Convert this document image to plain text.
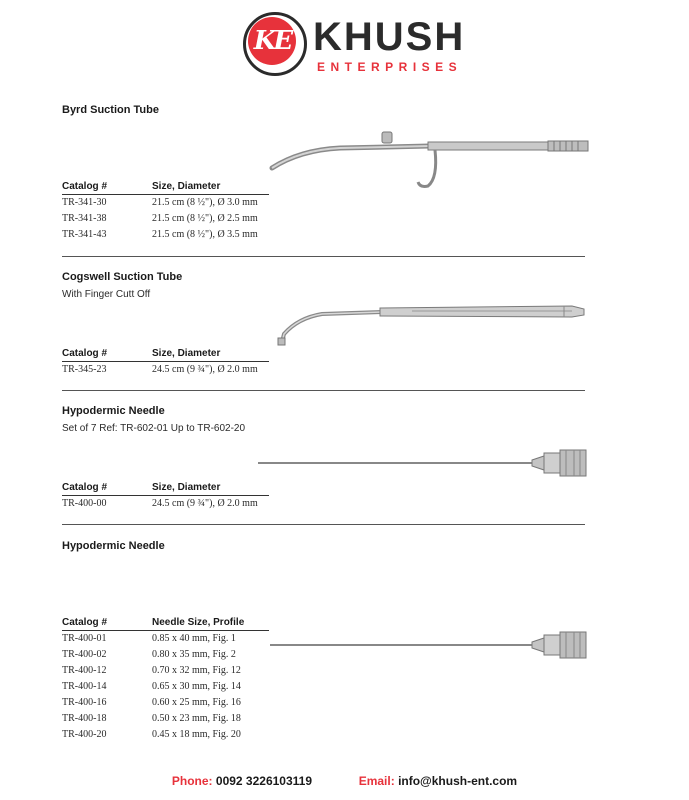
KE KHUSH
ENTERPRISES
Byrd Suction Tube
Catalog #	Size, Diameter
TR-341-30	21.5 cm (8 ½"), Ø 3.0 mm
TR-341-38	21.5 cm (8 ½"), Ø 2.5 mm
TR-341-43	21.5 cm (8 ½"), Ø 3.5 mm
Cogswell Suction Tube
With Finger Cutt Off
Catalog #	Size, Diameter
TR-345-23	24.5 cm (9 ¾"), Ø 2.0 mm
Hypodermic Needle
Set of 7 Ref: TR-602-01 Up to TR-602-20
Catalog #	Size, Diameter
TR-400-00	24.5 cm (9 ¾"), Ø 2.0 mm
Hypodermic Needle
Catalog #	Needle Size, Profile
TR-400-01	0.85 x 40 mm, Fig. 1
TR-400-02	0.80 x 35 mm, Fig. 2
TR-400-12	0.70 x 32 mm, Fig. 12
TR-400-14	0.65 x 30 mm, Fig. 14
TR-400-16	0.60 x 25 mm, Fig. 16
TR-400-18	0.50 x 23 mm, Fig. 18
TR-400-20	0.45 x 18 mm, Fig. 20
Phone: 0092 3226103119	Email: info@khush-ent.com
